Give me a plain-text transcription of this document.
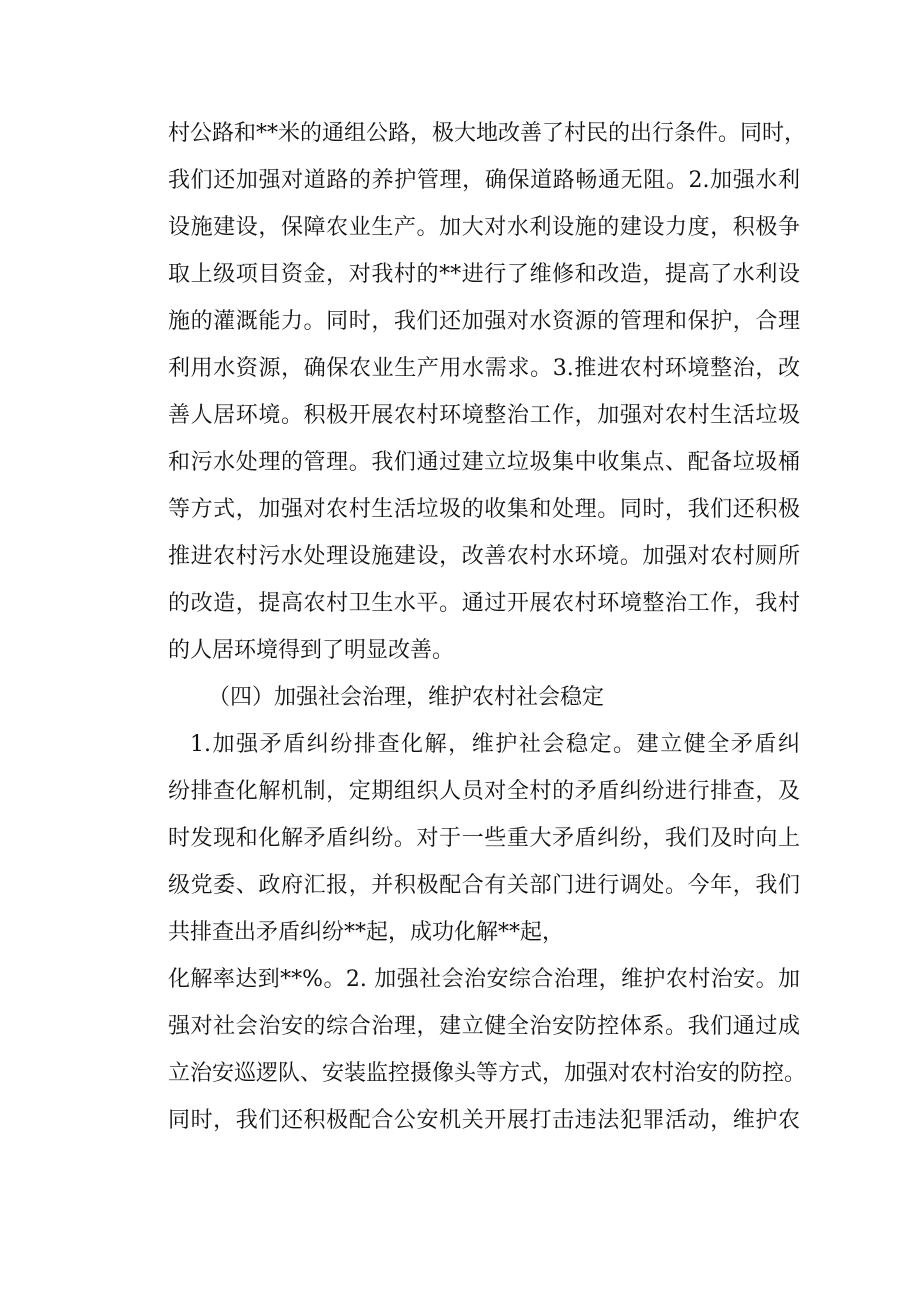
村公路和**米的通组公路，极大地改善了村民的出行条件。同时，
我们还加强对道路的养护管理，确保道路畅通无阻。2.加强水利
设施建设，保障农业生产。加大对水利设施的建设力度，积极争
取上级项目资金，对我村的**进行了维修和改造，提高了水利设
施的灌溉能力。同时，我们还加强对水资源的管理和保护，合理
利用水资源，确保农业生产用水需求。3.推进农村环境整治，改
善人居环境。积极开展农村环境整治工作，加强对农村生活垃圾
和污水处理的管理。我们通过建立垃圾集中收集点、配备垃圾桶
等方式，加强对农村生活垃圾的收集和处理。同时，我们还积极
推进农村污水处理设施建设，改善农村水环境。加强对农村厕所
的改造，提高农村卫生水平。通过开展农村环境整治工作，我村
的人居环境得到了明显改善。
（四）加强社会治理，维护农村社会稳定
1.加强矛盾纠纷排查化解，维护社会稳定。建立健全矛盾纠
纷排查化解机制，定期组织人员对全村的矛盾纠纷进行排查，及
时发现和化解矛盾纠纷。对于一些重大矛盾纠纷，我们及时向上
级党委、政府汇报，并积极配合有关部门进行调处。今年，我们
共排查出矛盾纠纷**起，成功化解**起，
化解率达到**%。2. 加强社会治安综合治理，维护农村治安。加
强对社会治安的综合治理，建立健全治安防控体系。我们通过成
立治安巡逻队、安装监控摄像头等方式，加强对农村治安的防控。
同时，我们还积极配合公安机关开展打击违法犯罪活动，维护农
